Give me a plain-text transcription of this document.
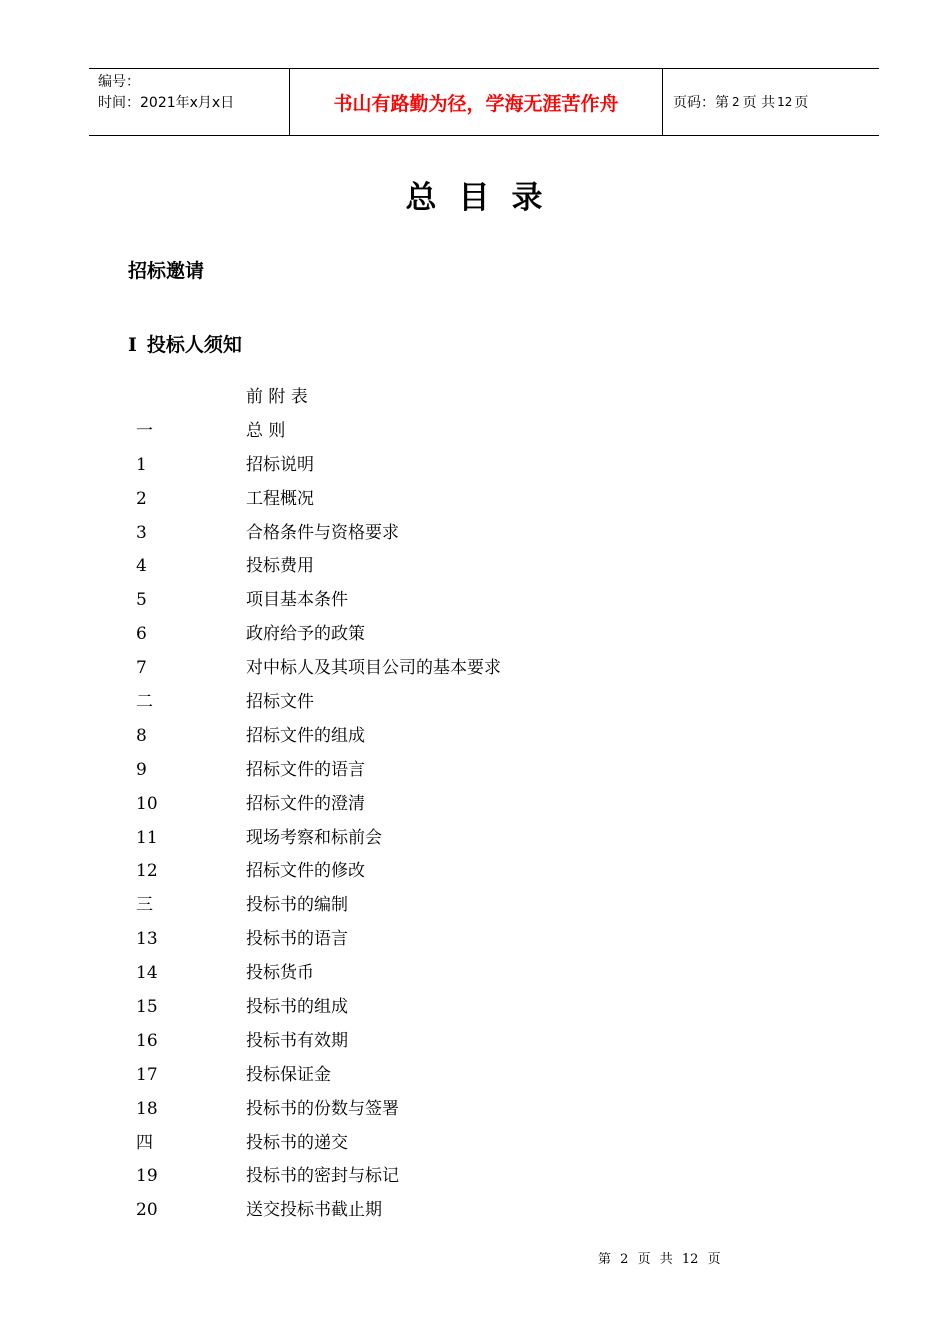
编号：
时间：2021年x月x日	书山有路勤为径，学海无涯苦作舟	页码：第 2 页 共 12 页
总目录
招标邀请
I 投标人须知
前 附 表
一	总 则
1	招标说明
2	工程概况
3	合格条件与资格要求
4	投标费用
5	项目基本条件
6	政府给予的政策
7	对中标人及其项目公司的基本要求
二	招标文件
8	招标文件的组成
9	招标文件的语言
10	招标文件的澄清
11	现场考察和标前会
12	招标文件的修改
三	投标书的编制
13	投标书的语言
14	投标货币
15	投标书的组成
16	投标书有效期
17	投标保证金
18	投标书的份数与签署
四	投标书的递交
19	投标书的密封与标记
20	送交投标书截止期
第 2 页 共 12 页
